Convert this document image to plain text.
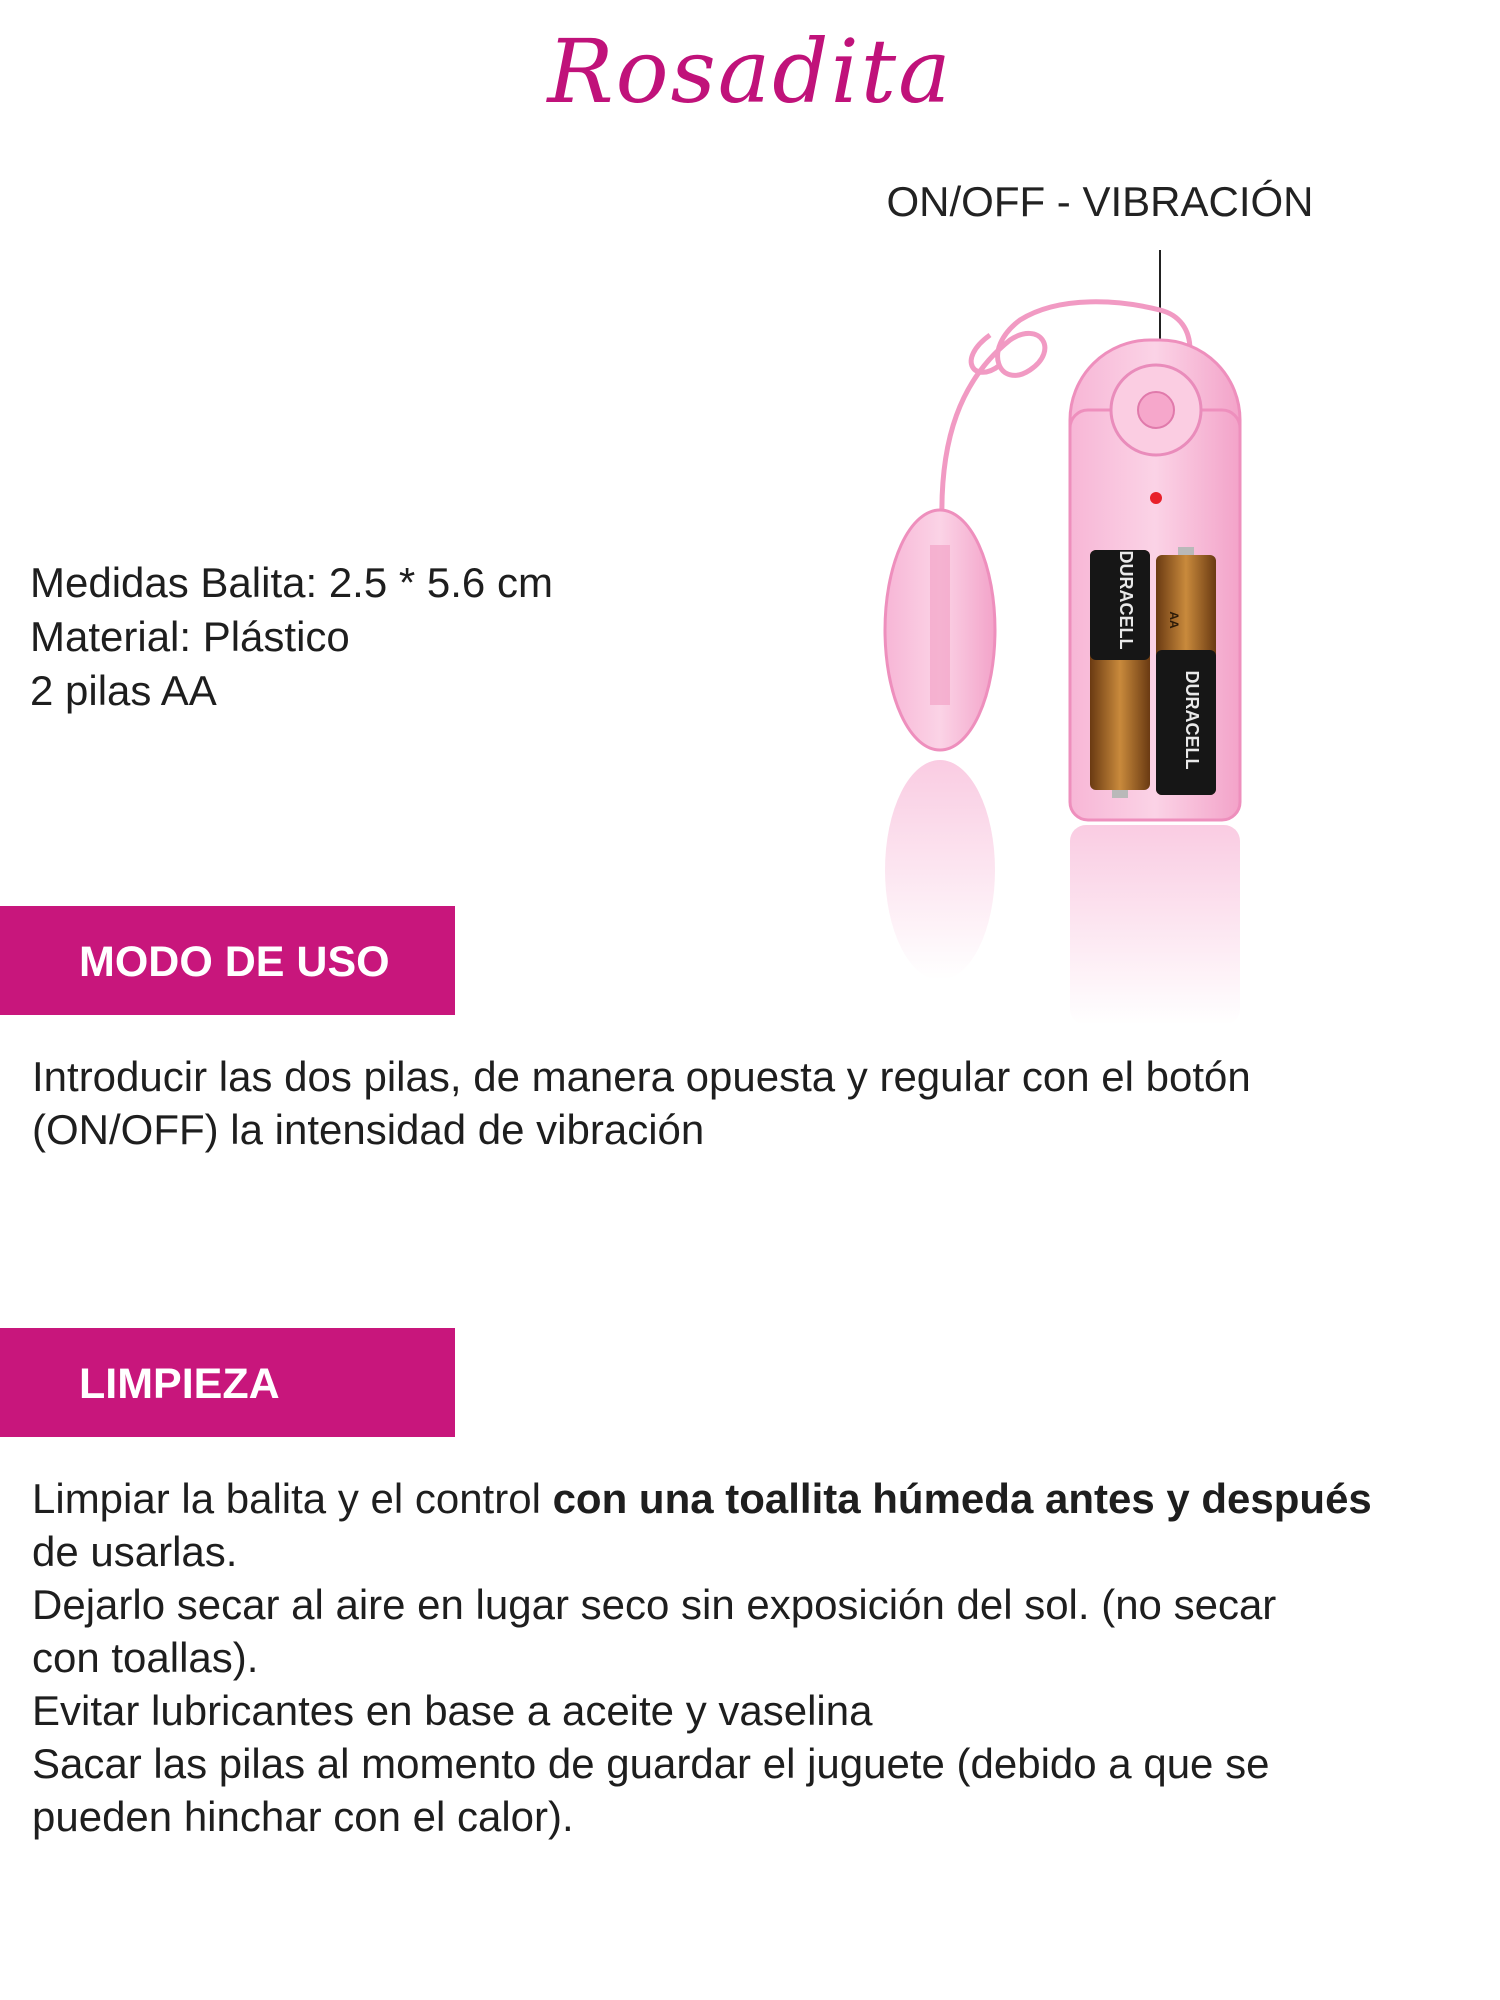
Rosadita
ON/OFF - VIBRACIÓN
DURACELL
DURACELL
AA
Medidas Balita: 2.5 * 5.6 cm
Material: Plástico
2 pilas AA
MODO DE USO
Introducir las dos pilas, de manera opuesta y regular con el botón
(ON/OFF) la intensidad de vibración
LIMPIEZA
Limpiar la balita y el control con una toallita húmeda antes y después
de usarlas.
Dejarlo secar al aire en lugar seco sin exposición del sol. (no secar
con toallas).
Evitar lubricantes en base a aceite y vaselina
Sacar las pilas al momento de guardar el juguete (debido a que se
pueden hinchar con el calor).
